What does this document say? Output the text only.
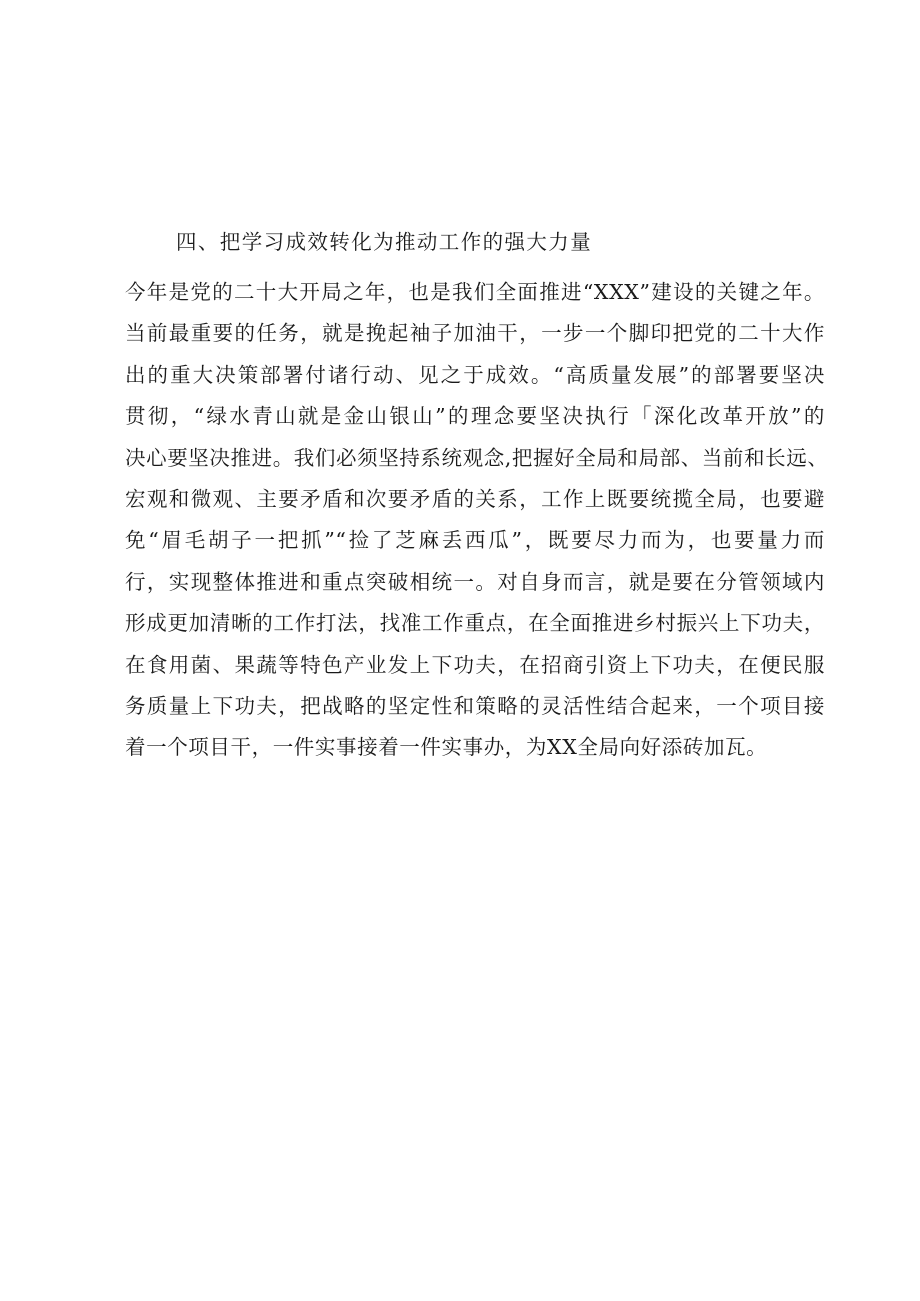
四、把学习成效转化为推动工作的强大力量
今年是党的二十大开局之年，也是我们全面推进“XXX”建设的关键之年。
当前最重要的任务，就是挽起袖子加油干，一步一个脚印把党的二十大作
出的重大决策部署付诸行动、见之于成效。“高质量发展”的部署要坚决
贯彻，“绿水青山就是金山银山”的理念要坚决执行「深化改革开放”的
决心要坚决推进。我们必须坚持系统观念,把握好全局和局部、当前和长远、
宏观和微观、主要矛盾和次要矛盾的关系，工作上既要统揽全局，也要避
免“眉毛胡子一把抓”“捡了芝麻丢西瓜”，既要尽力而为，也要量力而
行，实现整体推进和重点突破相统一。对自身而言，就是要在分管领域内
形成更加清晰的工作打法，找准工作重点，在全面推进乡村振兴上下功夫，
在食用菌、果蔬等特色产业发上下功夫，在招商引资上下功夫，在便民服
务质量上下功夫，把战略的坚定性和策略的灵活性结合起来，一个项目接
着一个项目干，一件实事接着一件实事办，为XX全局向好添砖加瓦。
